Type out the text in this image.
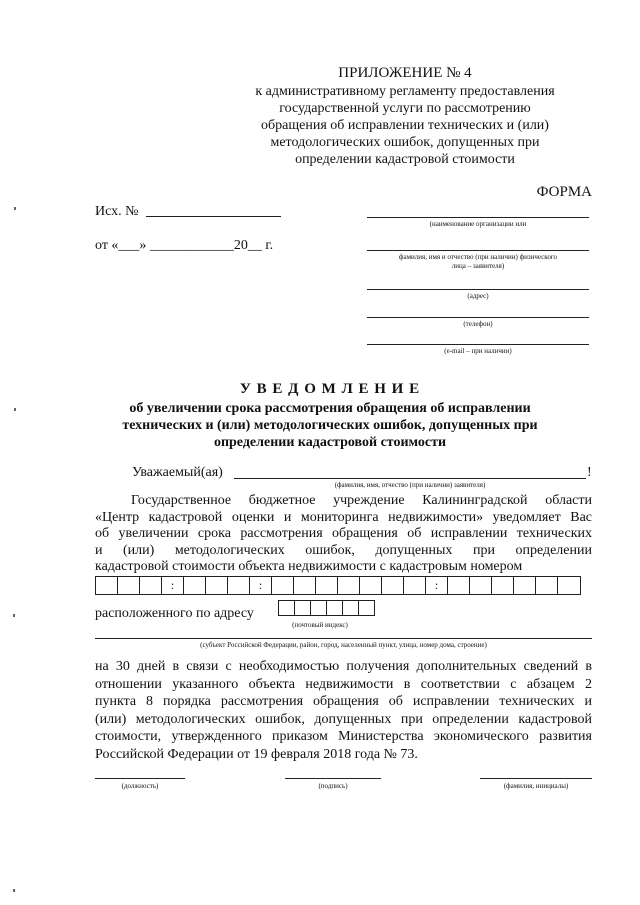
ПРИЛОЖЕНИЕ № 4
к административному регламенту предоставления
государственной услуги по рассмотрению
обращения об исправлении технических и (или)
методологических ошибок, допущенных при
определении кадастровой стоимости
ФОРМА
Исх. №
от «___» ____________20__ г.
(наименование организации или
фамилия, имя и отчество (при наличии) физического
лица – заявителя)
(адрес)
(телефон)
(e-mail – при наличии)
У В Е Д О М Л Е Н И Е
об увеличении срока рассмотрения обращения об исправлении
технических и (или) методологических ошибок, допущенных при
определении кадастровой стоимости
Уважаемый(ая)	!
(фамилия, имя, отчество (при наличии) заявителя)
Государственное бюджетное учреждение Калининградской области
«Центр кадастровой оценки и мониторинга недвижимости» уведомляет Вас
об увеличении срока рассмотрения обращения об исправлении технических
и (или) методологических ошибок, допущенных при определении
кадастровой стоимости объекта недвижимости с кадастровым номером
:	:	:
расположенного по адресу
(почтовый индекс)
(субъект Российской Федерации, район, город, населенный пункт, улица, номер дома, строение)
на 30 дней в связи с необходимостью получения дополнительных сведений в
отношении указанного объекта недвижимости в соответствии с абзацем 2
пункта 8 порядка рассмотрения обращения об исправлении технических и
(или) методологических ошибок, допущенных при определении кадастровой
стоимости, утвержденного приказом Министерства экономического развития
Российской Федерации от 19 февраля 2018 года № 73.
(должность)	(подпись)	(фамилия, инициалы)
